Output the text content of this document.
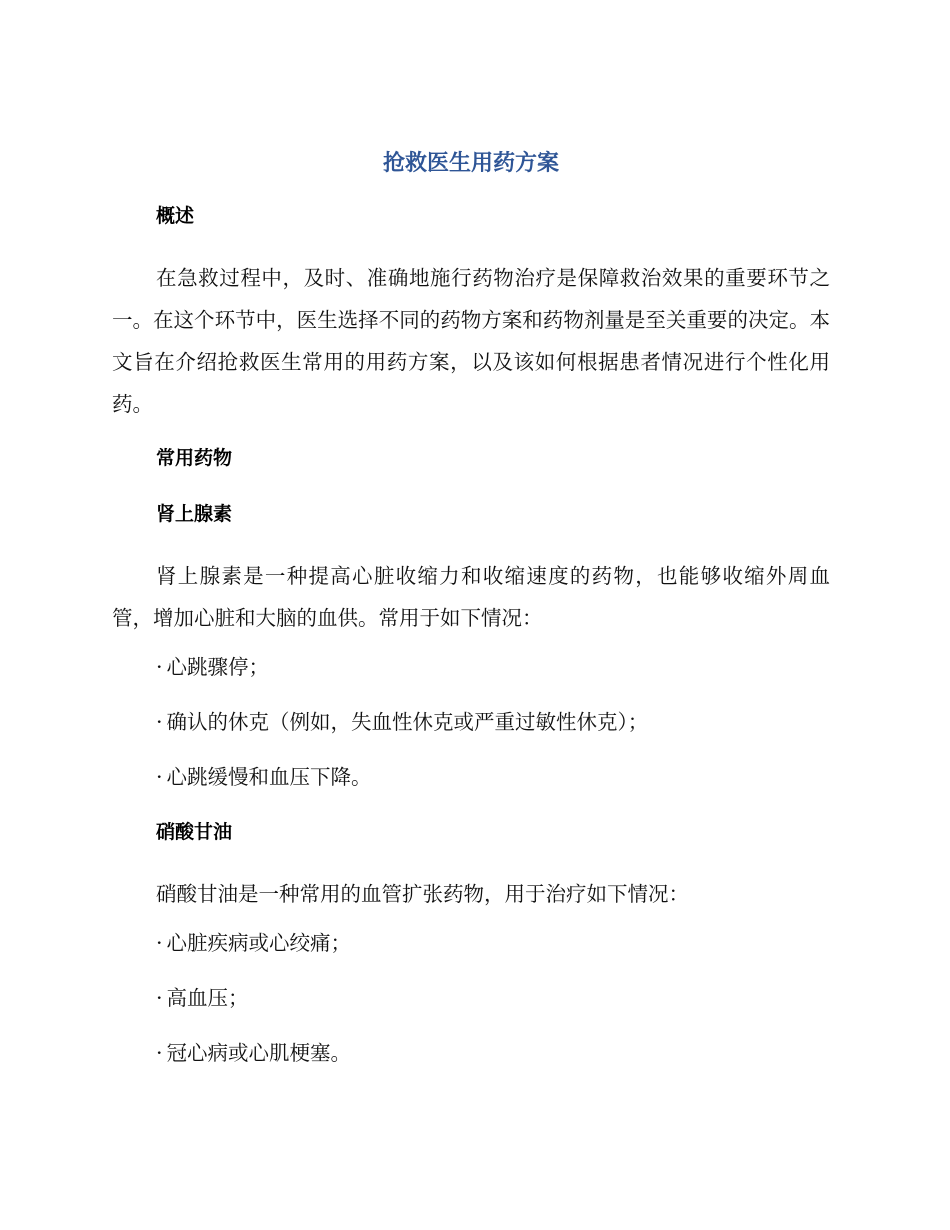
抢救医生用药方案
概述

在急救过程中，及时、准确地施行药物治疗是保障救治效果的重要环节之一。在这个环节中，医生选择不同的药物方案和药物剂量是至关重要的决定。本文旨在介绍抢救医生常用的用药方案，以及该如何根据患者情况进行个性化用药。

常用药物
肾上腺素

肾上腺素是一种提高心脏收缩力和收缩速度的药物，也能够收缩外周血管，增加心脏和大脑的血供。常用于如下情况：

· 心跳骤停；
· 确认的休克（例如，失血性休克或严重过敏性休克）；
· 心跳缓慢和血压下降。
硝酸甘油

硝酸甘油是一种常用的血管扩张药物，用于治疗如下情况：

· 心脏疾病或心绞痛；
· 高血压；
· 冠心病或心肌梗塞。
